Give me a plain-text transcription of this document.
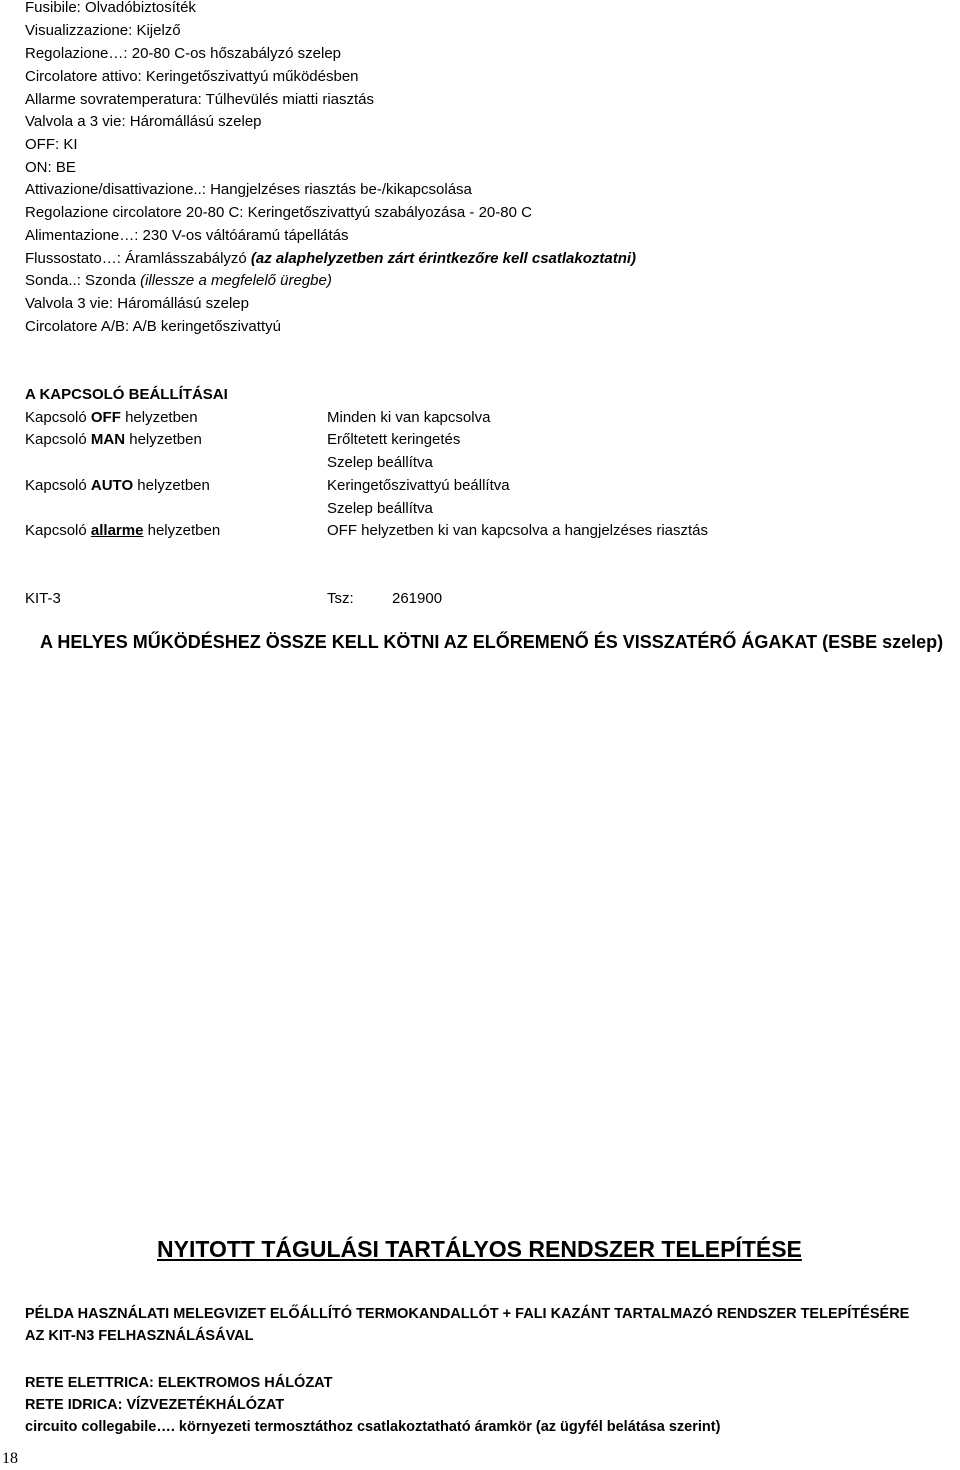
Fusibile: Olvadóbiztosíték
Visualizzazione: Kijelző
Regolazione…: 20-80 C-os hőszabályzó szelep
Circolatore attivo: Keringetőszivattyú működésben
Allarme sovratemperatura: Túlhevülés miatti riasztás
Valvola a 3 vie: Háromállású szelep
OFF: KI
ON: BE
Attivazione/disattivazione..: Hangjelzéses riasztás be-/kikapcsolása
Regolazione circolatore 20-80 C: Keringetőszivattyú szabályozása - 20-80 C
Alimentazione…: 230 V-os váltóáramú tápellátás
Flussostato…: Áramlásszabályzó (az alaphelyzetben zárt érintkezőre kell csatlakoztatni)
Sonda..: Szonda (illessze a megfelelő üregbe)
Valvola 3 vie: Háromállású szelep
Circolatore A/B: A/B keringetőszivattyú
A KAPCSOLÓ BEÁLLÍTÁSAI
Kapcsoló OFF helyzetben	Minden ki van kapcsolva
Kapcsoló MAN helyzetben	Erőltetett keringetés
Szelep beállítva
Kapcsoló AUTO helyzetben	Keringetőszivattyú beállítva
Szelep beállítva
Kapcsoló allarme helyzetben	OFF helyzetben ki van kapcsolva a hangjelzéses riasztás
KIT-3	Tsz:	261900
A HELYES MŰKÖDÉSHEZ ÖSSZE KELL KÖTNI AZ ELŐREMENŐ ÉS VISSZATÉRŐ ÁGAKAT (ESBE szelep)
NYITOTT TÁGULÁSI TARTÁLYOS RENDSZER TELEPÍTÉSE
PÉLDA HASZNÁLATI MELEGVIZET ELŐÁLLÍTÓ TERMOKANDALLÓT + FALI KAZÁNT TARTALMAZÓ RENDSZER TELEPÍTÉSÉRE
AZ KIT-N3 FELHASZNÁLÁSÁVAL
RETE ELETTRICA: ELEKTROMOS HÁLÓZAT
RETE IDRICA: VÍZVEZETÉKHÁLÓZAT
circuito collegabile…. környezeti termosztáthoz csatlakoztatható áramkör (az ügyfél belátása szerint)
18
